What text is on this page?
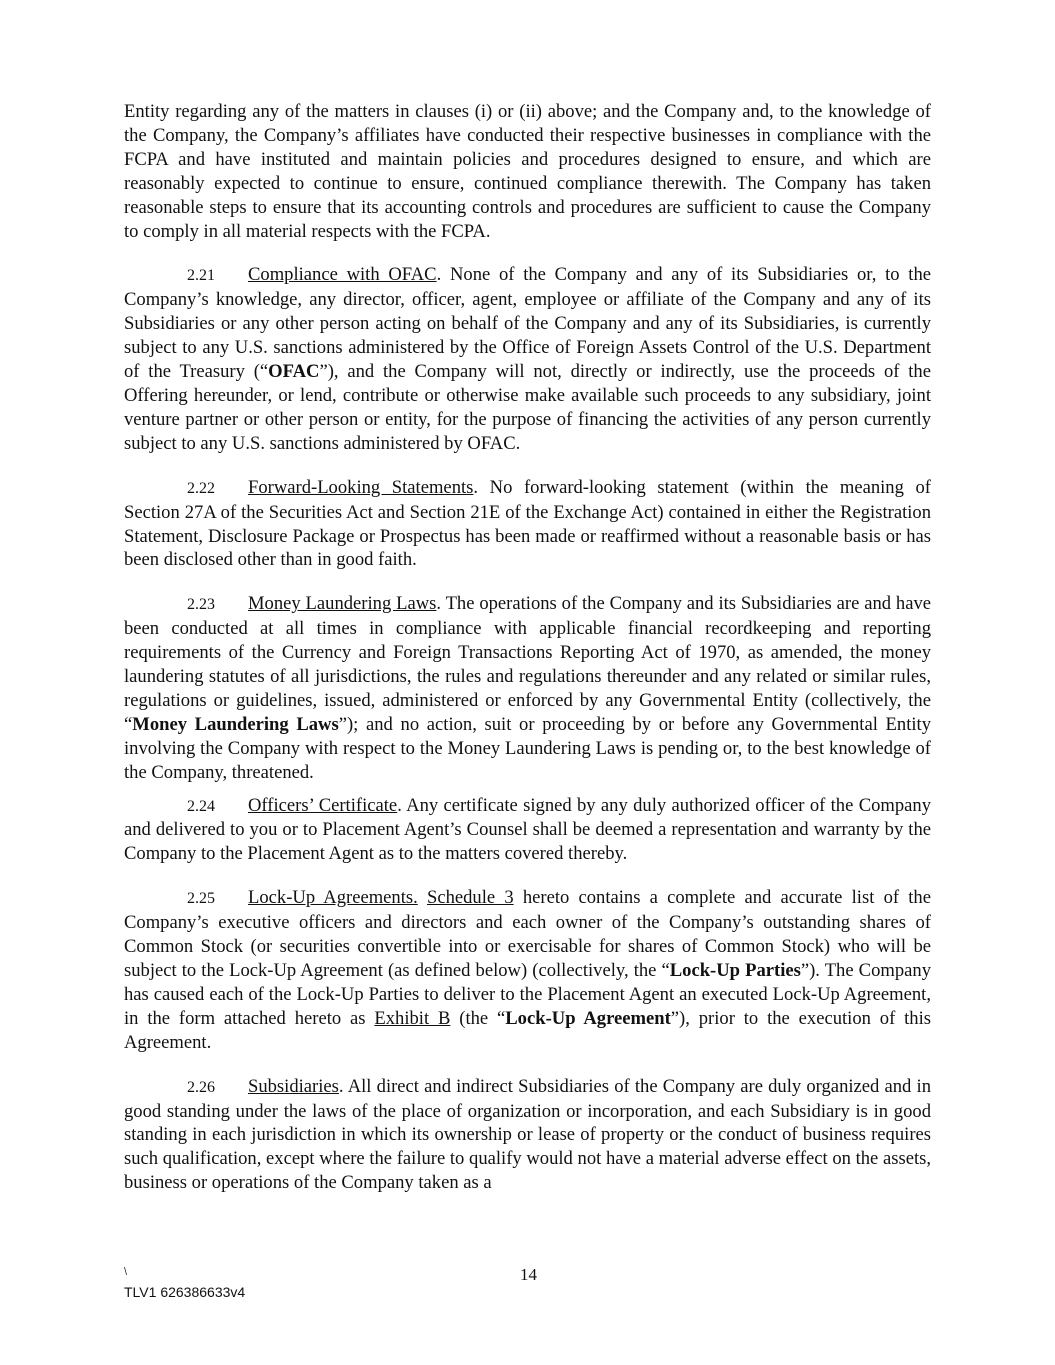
Entity regarding any of the matters in clauses (i) or (ii) above; and the Company and, to the knowledge of the Company, the Company’s affiliates have conducted their respective businesses in compliance with the FCPA and have instituted and maintain policies and procedures designed to ensure, and which are reasonably expected to continue to ensure, continued compliance therewith. The Company has taken reasonable steps to ensure that its accounting controls and procedures are sufficient to cause the Company to comply in all material respects with the FCPA.

2.21 Compliance with OFAC. None of the Company and any of its Subsidiaries or, to the Company’s knowledge, any director, officer, agent, employee or affiliate of the Company and any of its Subsidiaries or any other person acting on behalf of the Company and any of its Subsidiaries, is currently subject to any U.S. sanctions administered by the Office of Foreign Assets Control of the U.S. Department of the Treasury (“OFAC”), and the Company will not, directly or indirectly, use the proceeds of the Offering hereunder, or lend, contribute or otherwise make available such proceeds to any subsidiary, joint venture partner or other person or entity, for the purpose of financing the activities of any person currently subject to any U.S. sanctions administered by OFAC.

2.22 Forward-Looking Statements. No forward-looking statement (within the meaning of Section 27A of the Securities Act and Section 21E of the Exchange Act) contained in either the Registration Statement, Disclosure Package or Prospectus has been made or reaffirmed without a reasonable basis or has been disclosed other than in good faith.

2.23 Money Laundering Laws. The operations of the Company and its Subsidiaries are and have been conducted at all times in compliance with applicable financial recordkeeping and reporting requirements of the Currency and Foreign Transactions Reporting Act of 1970, as amended, the money laundering statutes of all jurisdictions, the rules and regulations thereunder and any related or similar rules, regulations or guidelines, issued, administered or enforced by any Governmental Entity (collectively, the “Money Laundering Laws”); and no action, suit or proceeding by or before any Governmental Entity involving the Company with respect to the Money Laundering Laws is pending or, to the best knowledge of the Company, threatened.

2.24 Officers’ Certificate. Any certificate signed by any duly authorized officer of the Company and delivered to you or to Placement Agent’s Counsel shall be deemed a representation and warranty by the Company to the Placement Agent as to the matters covered thereby.

2.25 Lock-Up Agreements. Schedule 3 hereto contains a complete and accurate list of the Company’s executive officers and directors and each owner of the Company’s outstanding shares of Common Stock (or securities convertible into or exercisable for shares of Common Stock) who will be subject to the Lock-Up Agreement (as defined below) (collectively, the “Lock-Up Parties”). The Company has caused each of the Lock-Up Parties to deliver to the Placement Agent an executed Lock-Up Agreement, in the form attached hereto as Exhibit B (the “Lock-Up Agreement”), prior to the execution of this Agreement.

2.26 Subsidiaries. All direct and indirect Subsidiaries of the Company are duly organized and in good standing under the laws of the place of organization or incorporation, and each Subsidiary is in good standing in each jurisdiction in which its ownership or lease of property or the conduct of business requires such qualification, except where the failure to qualify would not have a material adverse effect on the assets, business or operations of the Company taken as a

\	14
TLV1 626386633v4
